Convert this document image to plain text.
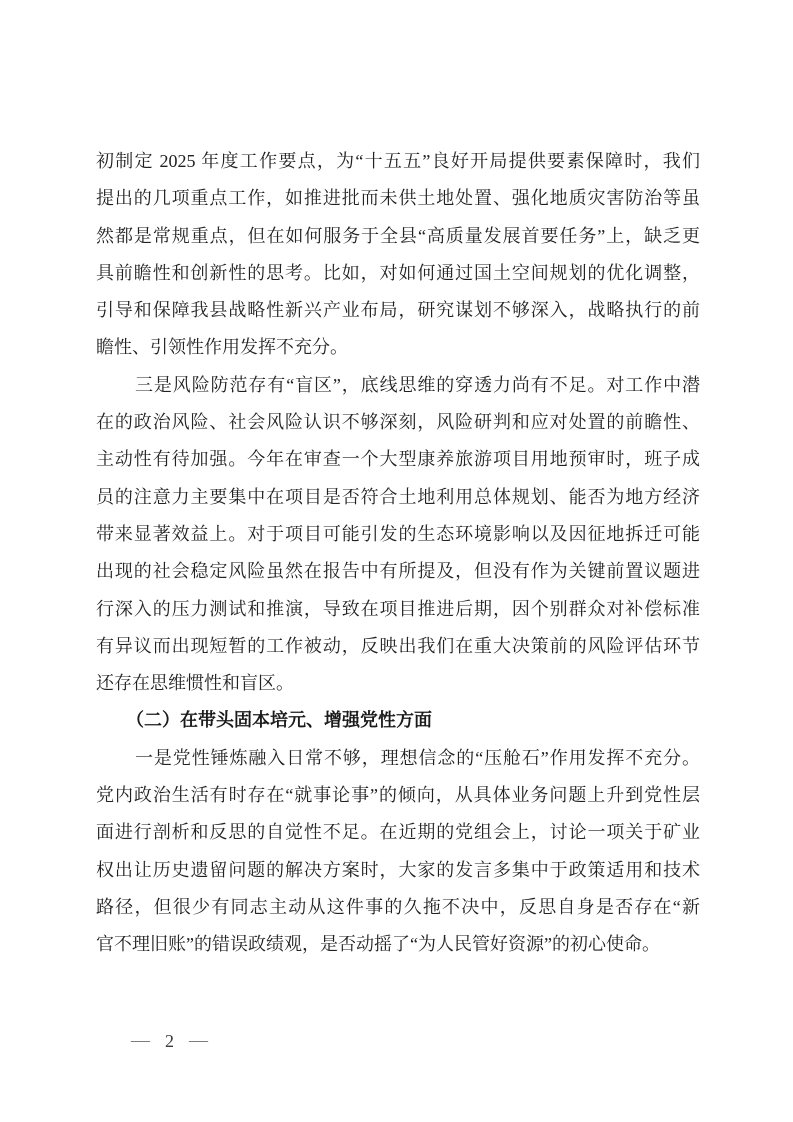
初制定 2025 年度工作要点，为“十五五”良好开局提供要素保障时，我们

提出的几项重点工作，如推进批而未供土地处置、强化地质灾害防治等虽

然都是常规重点，但在如何服务于全县“高质量发展首要任务”上，缺乏更

具前瞻性和创新性的思考。比如，对如何通过国土空间规划的优化调整，

引导和保障我县战略性新兴产业布局，研究谋划不够深入，战略执行的前

瞻性、引领性作用发挥不充分。

三是风险防范存有“盲区”，底线思维的穿透力尚有不足。对工作中潜

在的政治风险、社会风险认识不够深刻，风险研判和应对处置的前瞻性、

主动性有待加强。今年在审查一个大型康养旅游项目用地预审时，班子成

员的注意力主要集中在项目是否符合土地利用总体规划、能否为地方经济

带来显著效益上。对于项目可能引发的生态环境影响以及因征地拆迁可能

出现的社会稳定风险虽然在报告中有所提及，但没有作为关键前置议题进

行深入的压力测试和推演，导致在项目推进后期，因个别群众对补偿标准

有异议而出现短暂的工作被动，反映出我们在重大决策前的风险评估环节

还存在思维惯性和盲区。

（二）在带头固本培元、增强党性方面

一是党性锤炼融入日常不够，理想信念的“压舱石”作用发挥不充分。

党内政治生活有时存在“就事论事”的倾向，从具体业务问题上升到党性层

面进行剖析和反思的自觉性不足。在近期的党组会上，讨论一项关于矿业

权出让历史遗留问题的解决方案时，大家的发言多集中于政策适用和技术

路径，但很少有同志主动从这件事的久拖不决中，反思自身是否存在“新

官不理旧账”的错误政绩观，是否动摇了“为人民管好资源”的初心使命。

— 2 —
